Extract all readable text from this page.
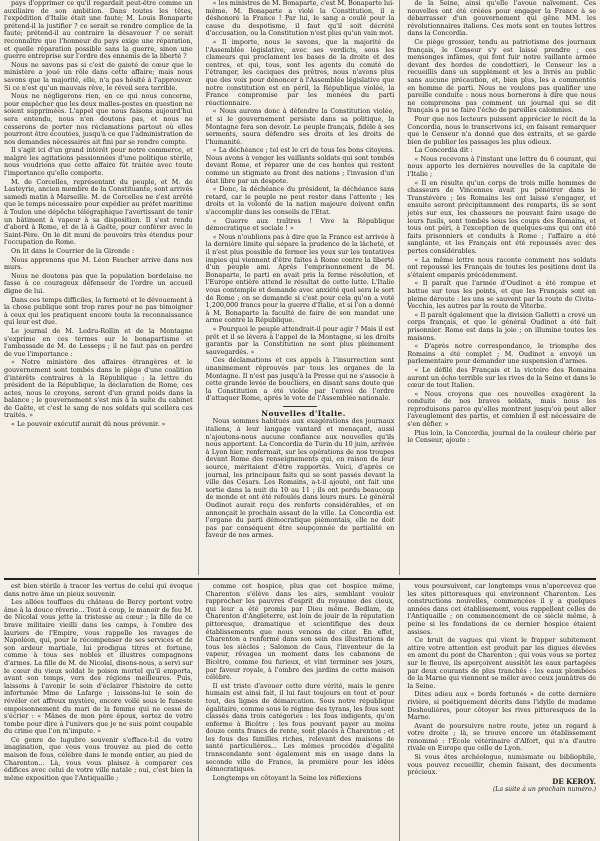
pays d'opprimer ce qu'il regardait peut-être comme un auxiliaire de son ambition. Dans toutes les têtes, l'expédition d'Italie était une faute; M. Louis Bonaparte prétend-il la justifier ? ce serait se rendre complice de la faute; prétend-il au contraire la désavouer ? ce serait reconnaître que l'honneur du pays exige une réparation, et quelle réparation possible sans la guerre, sinon une guerre entreprise sur l'ordre des ennemis de la liberté ?

Nous ne savons pas si c'est de gaieté de cœur que le ministère a joué un rôle dans cette affaire; mais nous savons que la majorité, elle, n'a pas hésité à l'approuver. Si ce n'est qu'un mauvais rêve, le réveil sera terrible.

Nous ne négligerons rien, en ce qui nous concerne, pour empêcher que les deux malles-postes en question ne soient supprimées. L'appel que nous faisons aujourd'hui sera entendu, nous n'en doutons pas, et nous ne cesserons de porter nos réclamations partout où elles pourront être écoutées, jusqu'à ce que l'administration de nos demandes nécessaires ait fini par se rendre compte.

Il s'agit ici d'un grand intérêt pour notre commerce, et malgré les agitations passionnées d'une politique stérile, nous voudrions que cette affaire fût traitée avec toute l'importance qu'elle comporte.

M. de Corcelles, représentant du peuple, et M. de Lasteyrie, ancien membre de la Constituante, sont arrivés samedi matin à Marseille. M. de Corcelles ne s'est arrêté que le temps nécessaire pour expédier au préfet maritime à Toulon une dépêche télégraphique l'avertissant de tenir un bâtiment à vapeur à sa disposition. Il s'est rendu d'abord à Rome, et de là à Gaëte, pour conférer avec le Saint-Père. On le dit muni de pouvoirs très étendus pour l'occupation de Rome.

On lit dans le Courrier de la Gironde :

Nous apprenons que M. Léon Faucher arrive dans nos murs.

Nous ne doutons pas que la population bordelaise ne fasse à ce courageux défenseur de l'ordre un accueil digne de lui.

Dans ces temps difficiles, la fermeté et le dévouement à la chose publique sont trop rares pour ne pas témoigner à ceux qui les pratiquent encore toute la reconnaissance qui leur est due.

Le journal de M. Ledru-Rollin et de la Montagne s'exprime en ces termes sur le bonapartisme et l'ambassade de M. de Lesseps ; il ne faut pas en perdre de vue l'importance :

« Notre ministère des affaires étrangères et le gouvernement sont tombés dans le piège d'une coalition d'intérêts contraires à la République ; la lettre du président de la République, la déclaration de Rome, ces actes, nous le croyons, seront d'un grand poids dans la balance ; le gouvernement s'est mis à la suite du cabinet de Gaëte, et c'est le sang de nos soldats qui scellera ces traités. »

« Le pouvoir exécutif aurait dû nous prévenir. »

« les ministres de M. Bonaparte, c'est M. Bonaparte lui-même. M. Bonaparte a violé la Constitution, il a déshonoré la France ! Par lui, le sang a coulé pour la cause du despotisme, il faut qu'il soit décrété d'accusation, ou la Constitution n'est plus qu'un vain mot.

« Il importe, nous le savons, que la majorité de l'Assemblée législative, avec ses verdicts, sous les clameurs qui proclament les bases de la droite et des centres, et qui, tous, sont les agents du comité de l'étranger, les caciques des prêtres, nous n'avons plus que des voix pour dénoncer à l'Assemblée législative que notre constitution est en péril, la République violée, la France compromise par les menées du parti réactionnaire.

« Nous aurons donc à défendre la Constitution violée, et si le gouvernement persiste dans sa politique, la Montagne fera son devoir. Le peuple français, fidèle à ses serments, saura défendre ses droits et les droits de l'humanité.

« La déchéance ; tel est le cri de tous les bons citoyens. Nous avons à venger les vaillants soldats qui sont tombés devant Rome, et réparer une de ces hontes qui restent comme un stigmate au front des nations ; l'invasion d'un état libre par un despote.

« Donc, la déchéance du président, la déchéance sans retard, car le peuple ne peut rester dans l'attente ; les droits et la volonté de la nation majeure doivent enfin s'accomplir dans les conseils de l'Etat.

« Guerre aux traîtres ! Vive la République démocratique et sociale ! »

« Nous n'oublions pas à dire que la France est arrivée à la dernière limite qui sépare la prudence de la lâcheté, et il n'est plus possible de fermer les yeux sur les tentatives impies qui viennent d'être faites à Rome contre la liberté d'un peuple ami. Après l'emprisonnement de M. Bonaparte, le parti en avait pris la ferme résolution, et l'Europe entière attend le résultat de cette lutte. L'Italie vous contemple et demande avec anxiété quel sera le sort de Rome ; on se demande si c'est pour cela qu'on a voté 1,200,000 francs pour la guerre d'Italie, et si l'on a donné à M. Bonaparte la faculté de faire de son mandat une arme contre la République.

« Pourquoi le peuple attendrait-il pour agir ? Mais il est prêt et il se lèvera à l'appel de la Montagne, si les droits garantis par la Constitution ne sont plus pleinement sauvegardés. »

Ces déclamations et ces appels à l'insurrection sont unanimement réprouvés par tous les organes de la Montagne. Il n'est pas jusqu'à la Presse qui ne s'associe à cette grande levée de boucliers, en disant sans doute que la Constitution a été violée par l'envoi de l'ordre d'attaquer Rome, après le vote de l'Assemblée nationale.

Nouvelles d'Italie.

Nous sommes habitués aux exagérations des journaux italiens, à leur langage vantard et menaçant, aussi n'ajoutons-nous aucune confiance aux nouvelles qu'ils nous apportent. La Concordia de Turin du 10 juin, arrivée à Lyon hier, renfermait, sur les opérations de nos troupes devant Rome des renseignements qui, en raison de leur source, méritaient d'être rapportés. Voici, d'après ce journal, les principaux faits qui se sont passés devant la ville des Césars. Les Romains, a-t-il ajouté, ont fait une sortie dans la nuit du 10 au 11 ; ils ont perdu beaucoup de monde et ont été refoulés dans leurs murs. Le général Oudinot aurait reçu des renforts considérables, et on annonçait le prochain assaut de la ville. La Concordia est l'organe du parti démocratique piémontais, elle ne doit pas par conséquent être soupçonnée de partialité en faveur de nos armes.

de la Seine, ainsi qu'elle l'avoue naïvement. Ces nouvelles ont été créées pour engager la France à se débarrasser d'un gouvernement qui gêne MM. les révolutionnaires italiens. Ces mots sont en toutes lettres dans la Concordia.

Ce piège grossier, tendu au patriotisme des journaux français, le Censeur s'y est laissé prendre ; ces mensonges infâmes, qui font fuir notre vaillante armée devant des hordes de condottieri, le Censeur les a recueillis dans un supplément et les a livrés au public sans aucune précaution, et, bien plus, les a commentés en homme de parti. Nous ne voulons pas qualifier une pareille conduite : nous nous bornerons à dire que nous ne comprenons pas comment un journal qui se dit français a pu se faire l'écho de pareilles calomnies.

Pour que nos lecteurs puissent apprécier le récit de la Concordia, nous le transcrivons ici, en faisant remarquer que le Censeur n'a donné que des extraits, et se garde bien de publier les passages les plus odieux.

La Concordia dit :

« Nous recevons à l'instant une lettre du 6 courant, qui nous apporte les dernières nouvelles de la capitale de l'Italie ;

« Il en résulte qu'un corps de trois mille hommes de chasseurs de Vincennes avait pu pénétrer dans le Transtévère ; les Romains les ont laissé s'engager, et ensuite seront précipitamment des remparts, ils se sont jetés sur eux, les chasseurs ne pouvant faire usage de leurs fusils, sont tombés sous les coups des Romains, et tous ont péri, à l'exception de quelques-uns qui ont été faits prisonniers et conduits à Rome ; l'affaire a été sanglante, et les Français ont été repoussés avec des pertes considérables.

« La même lettre nous raconte comment nos soldats ont repoussé les Français de toutes les positions dont ils s'étaient emparés précédemment.

« Il paraît que l'armée d'Oudinot a été rompue et battue sur tous les points, et que les Français sont en pleine déroute : les uns se sauvent par la route de Civita-Vecchia, les autres par la route de Viterbe.

« Il paraît également que la division Galletti a crevé un corps français, et que le général Oudinot a été fait prisonnier. Rome est dans la joie ; on illumine toutes les maisons.

« D'après notre correspondance, le triomphe des Romains a été complet ; M. Oudinot a envoyé un parlementaire pour demander une suspension d'armes.

« Le défilé des Français et la victoire des Romains auront un écho terrible sur les rives de la Seine et dans le cœur de tout Italien.

« Nous croyons que ces nouvelles exagèrent la conduite de nos braves soldats, mais nous les reproduisons parce qu'elles montrent jusqu'où peut aller l'aveuglement des partis, et combien il est nécessaire de s'en défier. »

Plus loin, la Concordia, journal de la couleur chérie par le Censeur, ajoute :

est bien stérile à tracer les vertus de celui qui évoque dans notre âme un pieux souvenir.

Les allées touffues du château de Bercy portent votre âme à la douce rêverie... Tout à coup, le manoir de feu M. de Nicolaï vous jette la tristesse au cœur ; la fille de ce brave militaire vieilli dans les camps, à l'ombre des lauriers de l'Empire, vous rappelle les ravages de Napoléon, qui, pour le récompenser de ses services et de son ardeur martiale, lui prodigua titres et fortune, comme à tous ses nobles et illustres compagnons d'armes. La fille de M. de Nicolaï, disons-nous, a servi sur le cœur du vieux soldat le poison mortel qu'il emporta, avant son temps, vers des régions meilleures. Puis, laissons à l'avenir le soin d'éclairer l'histoire de cette infortunée Mme de Lafarge ; laissons-lui le soin de révéler cet affreux mystère, encore voilé sous le funeste empoisonnement du mari de la femme qui ne cesse de s'écrier : « Mânes de mon père époux, sortez de votre tombe pour dire à l'univers que je ne suis point coupable du crime que l'on m'impute. »

Ce genre de lugubre souvenir s'efface-t-il de votre imagination, que vous vous trouvez au pied de cette maison de fous, célèbre dans le monde entier, au pied de Charenton... Là, vous vous plaisez à comparer ces édifices avec celui de votre ville natale ; oui, c'est bien la même exposition que l'Antiquaille ;

comme cet hospice, plus que cet hospice même, Charenton s'élève dans les airs, semblant vouloir rapprocher les pauvres d'esprit du royaume des cieux, qui leur a été promis par Dieu même. Bedlam, de Charenton d'Angleterre, est loin de jouir de la réputation pittoresque, dramatique et scientifique des deux établissements que nous venons de citer. En effet, Charenton a renfermé dans son sein des illustrations de tous les siècles ; Salomon de Caus, l'inventeur de la vapeur, rêvagea un moment dans les cabanons de Bicêtre, comme fou furieux, et vint terminer ses jours, par faveur royale, à l'ombre des jardins de cette maison célèbre.

Il est triste d'avouer cette dure vérité, mais le genre humain est ainsi fait, il lui faut toujours en tout et pour tout, des lignes de démarcation. Sous notre république égalitaire, comme sous le régime des tyrans, les fous sont classés dans trois catégories : les fous indigents, qu'on enferme à Bicêtre ; les fous pouvant payer au moins douze cents francs de rente, sont placés à Charenton ; et les fous des familles riches, relevant des maisons de santé particulières... Les mêmes procédés d'égalité transcendante sont également mis en usage dans la seconde ville de France, la première pour les idées démocratiques.

Longtemps en côtoyant la Seine les réflexions

vous poursuivent, car longtemps vous n'apercevez que les sites pittoresques qui environnent Charenton. Les constructions nouvelles, commencées il y a quelques années dans cet établissement, vous rappellent celles de l'Antiquaille ; on commencement de ce siècle même, à peine si les fondations de ce dernier hospice étaient assises.

Ce bruit de vagues qui vient le frapper subitement attire votre attention est produit par les digues élevées en amont du pont de Charenton ; qui vous vous se portez sur le fleuve, ils aperçoivent aussitôt les eaux partagées par deux courants de plus tranchés : les eaux plombées de la Marne qui viennent se mêler avec ceux jaunâtres de la Seine.

Dites adieu aux « bords fortunés » de cette dernière rivière, si poétiquement décrits dans l'idylle de madame Deshoulières, pour côtoyer les rives pittoresques de la Marne.

Avant de poursuivre notre route, jetez un regard à votre droite ; là, se trouve encore un établissement renommé : l'École vétérinaire d'Alfort, qui n'a d'autre rivale en Europe que celle de Lyon.

Si vous êtes archéologue, numismate ou bibliophile, vous pouvez recueillir, chemin faisant, des documents précieux.

DE KEROY.

(La suite à un prochain numéro.)
